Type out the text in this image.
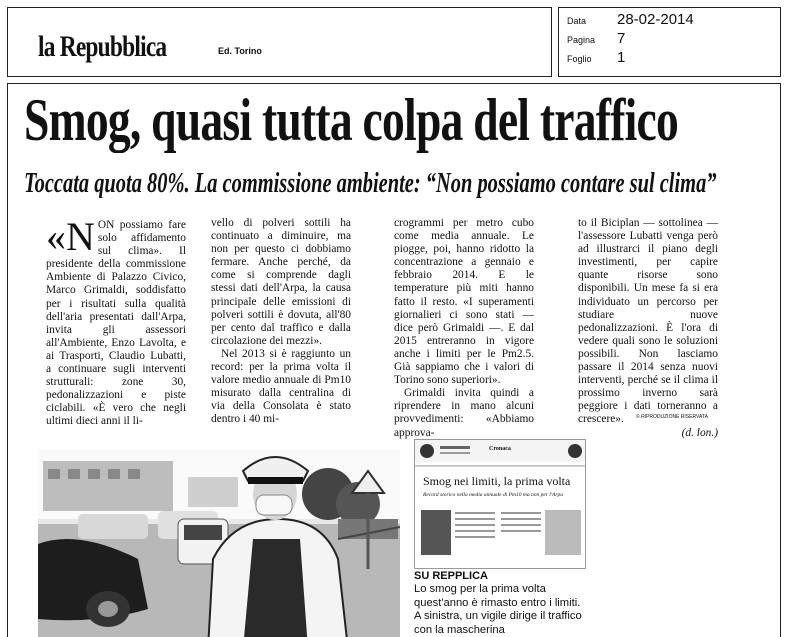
la Repubblica	Ed. Torino
Data 28-02-2014
Pagina 7
Foglio 1
Smog, quasi tutta colpa del traffico
Toccata quota 80%. La commissione ambiente: “Non possiamo contare sul clima”
«N ON possiamo fare solo affidamento sul clima». Il presidente della commissione Ambiente di Palazzo Civico, Marco Grimaldi, soddisfatto per i risultati sulla qualità dell'aria presentati dall'Arpa, invita gli assessori all'Ambiente, Enzo Lavolta, e ai Trasporti, Claudio Lubatti, a continuare sugli interventi strutturali: zone 30, pedonalizzazioni e piste ciclabili. «È vero che negli ultimi dieci anni il li-

vello di polveri sottili ha continuato a diminuire, ma non per questo ci dobbiamo fermare. Anche perché, da come si comprende dagli stessi dati dell'Arpa, la causa principale delle emissioni di polveri sottili è dovuta, all'80 per cento dal traffico e dalla circolazione dei mezzi».

Nel 2013 si è raggiunto un record: per la prima volta il valore medio annuale di Pm10 misurato dalla centralina di via della Consolata è stato dentro i 40 mi-

crogrammi per metro cubo come media annuale. Le piogge, poi, hanno ridotto la concentrazione a gennaio e febbraio 2014. E le temperature più miti hanno fatto il resto. «I superamenti giornalieri ci sono stati — dice però Grimaldi —. E dal 2015 entreranno in vigore anche i limiti per le Pm2.5. Già sappiamo che i valori di Torino sono superiori».

Grimaldi invita quindi a riprendere in mano alcuni provvedimenti: «Abbiamo approva-

to il Biciplan — sottolinea — l'assessore Lubatti venga però ad illustrarci il piano degli investimenti, per capire quante risorse sono disponibili. Un mese fa si era individuato un percorso per studiare nuove pedonalizzazioni. È l'ora di vedere quali sono le soluzioni possibili. Non lasciamo passare il 2014 senza nuovi interventi, perché se il clima il prossimo inverno sarà peggiore i dati torneranno a crescere».

(d. lon.)

© RIPRODUZIONE RISERVATA
Cronaca
Smog nei limiti, la prima volta
Record storico nella media annuale di Pm10 ma non per l'Arpa
SU REPPLICA
Lo smog per la prima volta quest'anno è rimasto entro i limiti. A sinistra, un vigile dirige il traffico con la mascherina
